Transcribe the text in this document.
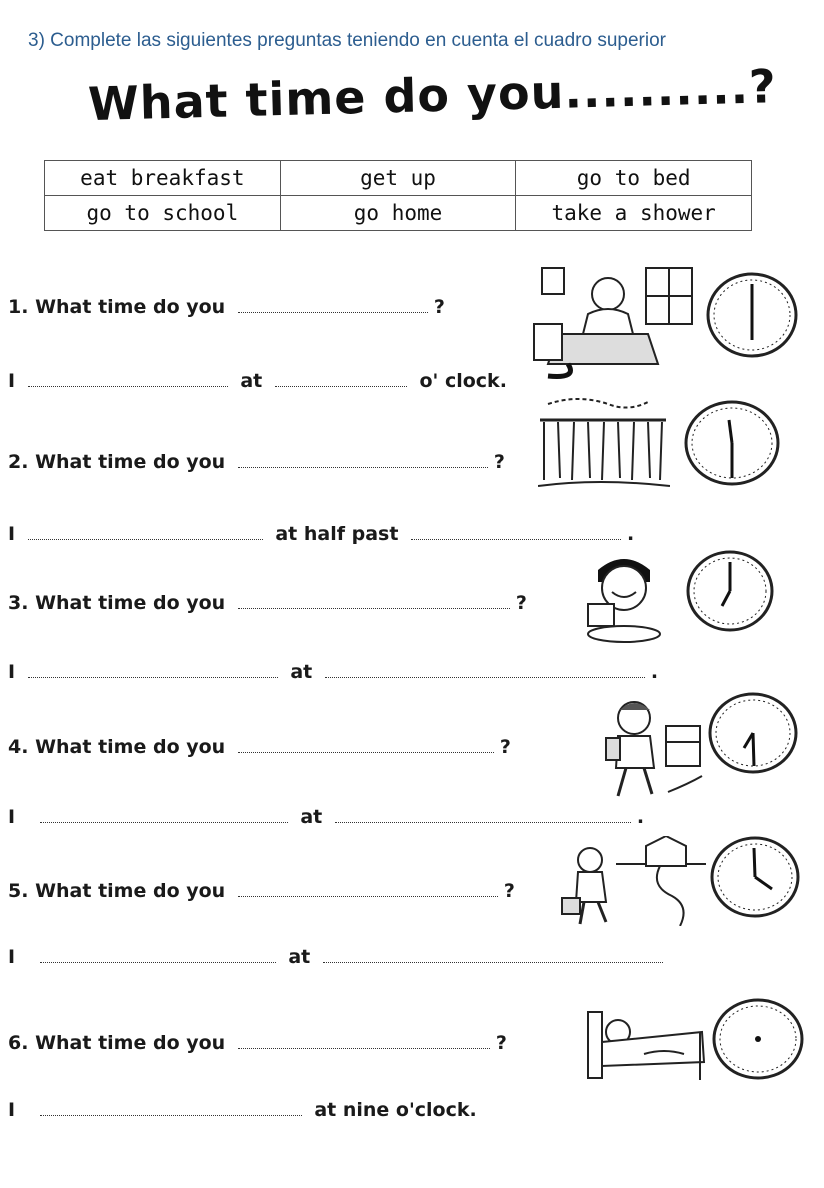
3) Complete las siguientes preguntas teniendo en cuenta el cuadro superior
What time do you..........?
eat breakfast	get up	go to bed
go to school	go home	take a shower
1. What time do you	?
I	at	o' clock.
2. What time do you	?
I	at half past	.
3. What time do you	?
I	at	.
4. What time do you	?
I	at	.
5. What time do you	?
I	at
6. What time do you	?
I	at nine o'clock.
